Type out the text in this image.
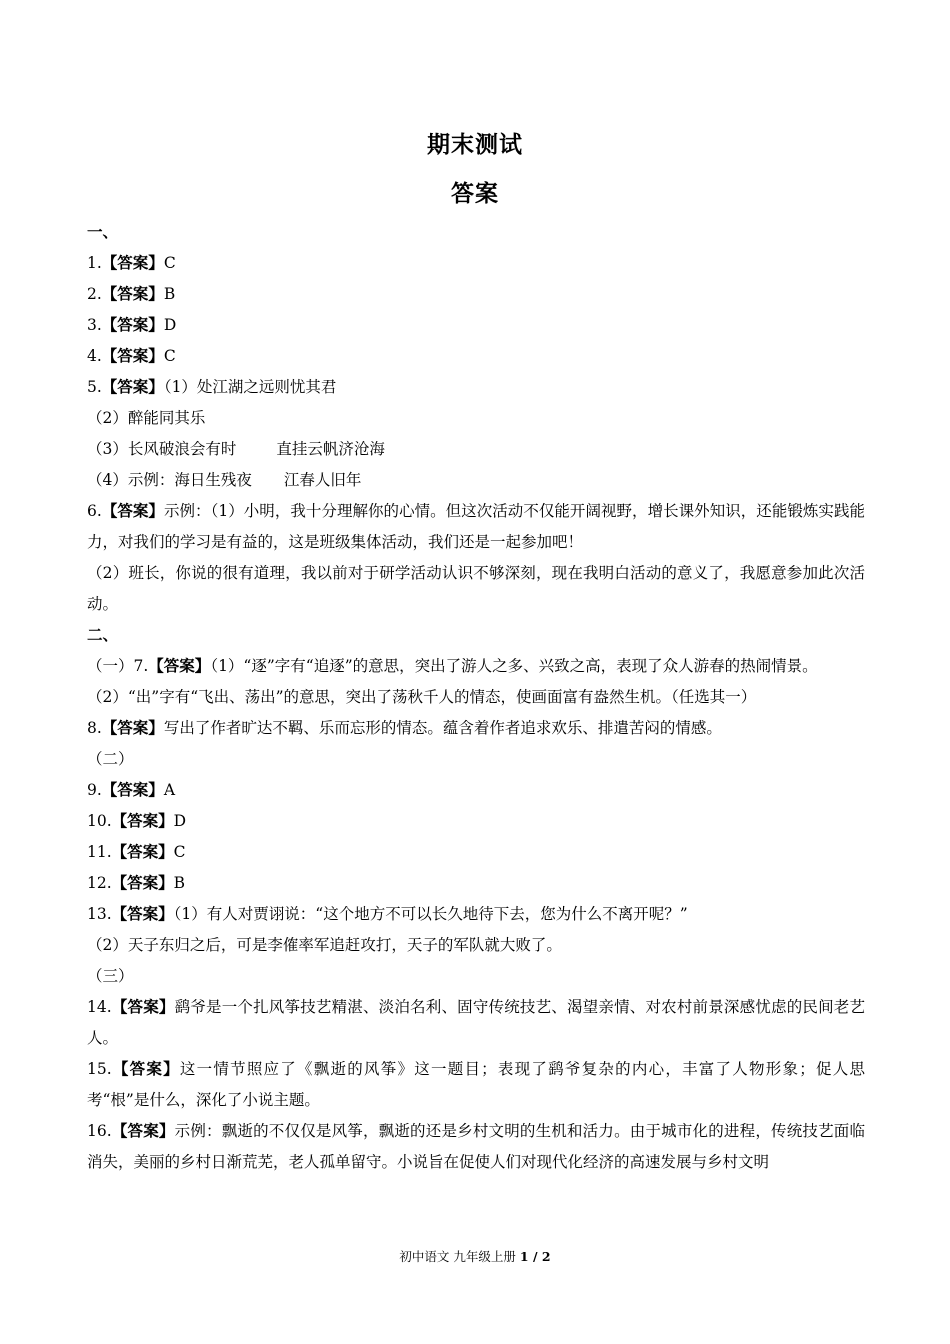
期末测试
答案

一、

1.【答案】C

2.【答案】B

3.【答案】D

4.【答案】C

5.【答案】（1）处江湖之远则忧其君

（2）醉能同其乐

（3）长风破浪会有时	直挂云帆济沧海

（4）示例：海日生残夜 江春人旧年

6.【答案】示例：（1）小明，我十分理解你的心情。但这次活动不仅能开阔视野，增长课外知识，还能锻炼实践能力，对我们的学习是有益的，这是班级集体活动，我们还是一起参加吧！

（2）班长，你说的很有道理，我以前对于研学活动认识不够深刻，现在我明白活动的意义了，我愿意参加此次活动。

二、

（一）7.【答案】（1）“逐”字有“追逐”的意思，突出了游人之多、兴致之高，表现了众人游春的热闹情景。

（2）“出”字有“飞出、荡出”的意思，突出了荡秋千人的情态，使画面富有盎然生机。（任选其一）

8.【答案】写出了作者旷达不羁、乐而忘形的情态。蕴含着作者追求欢乐、排遣苦闷的情感。

（二）

9.【答案】A

10.【答案】D

11.【答案】C

12.【答案】B

13.【答案】（1）有人对贾诩说：“这个地方不可以长久地待下去，您为什么不离开呢？”

（2）天子东归之后，可是李傕率军追赶攻打，天子的军队就大败了。

（三）

14.【答案】鹞爷是一个扎风筝技艺精湛、淡泊名利、固守传统技艺、渴望亲情、对农村前景深感忧虑的民间老艺人。

15.【答案】这一情节照应了《飘逝的风筝》这一题目；表现了鹞爷复杂的内心，丰富了人物形象；促人思考“根”是什么，深化了小说主题。

16.【答案】示例：飘逝的不仅仅是风筝，飘逝的还是乡村文明的生机和活力。由于城市化的进程，传统技艺面临消失，美丽的乡村日渐荒芜，老人孤单留守。小说旨在促使人们对现代化经济的高速发展与乡村文明

初中语文 九年级上册 1 / 2
